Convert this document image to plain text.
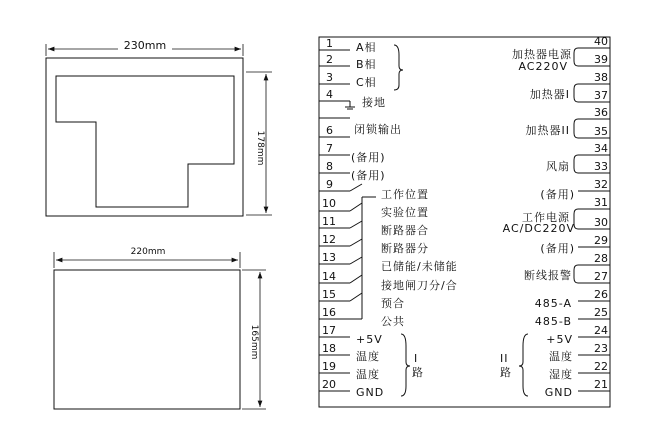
230mm
178mm
220mm
165mm
1
2
3
4
6
7
8
9
10
11
12
13
14
15
16
17
18
19
20
A相
B相
C相
接地
闭锁输出
(备用)
(备用)
工作位置
实验位置
断路器合
断路器分
已储能/未储能
接地闸刀分/合
预合
公共
+5V
温度
温度
GND
I
路
40
39
38
37
36
35
34
33
32
31
30
29
28
27
26
25
24
23
22
21
加热器电源
AC220V
加热器I
加热器II
风扇
(备用)
工作电源
AC/DC220V
(备用)
断线报警
485-A
485-B
+5V
温度
湿度
GND
II
路
